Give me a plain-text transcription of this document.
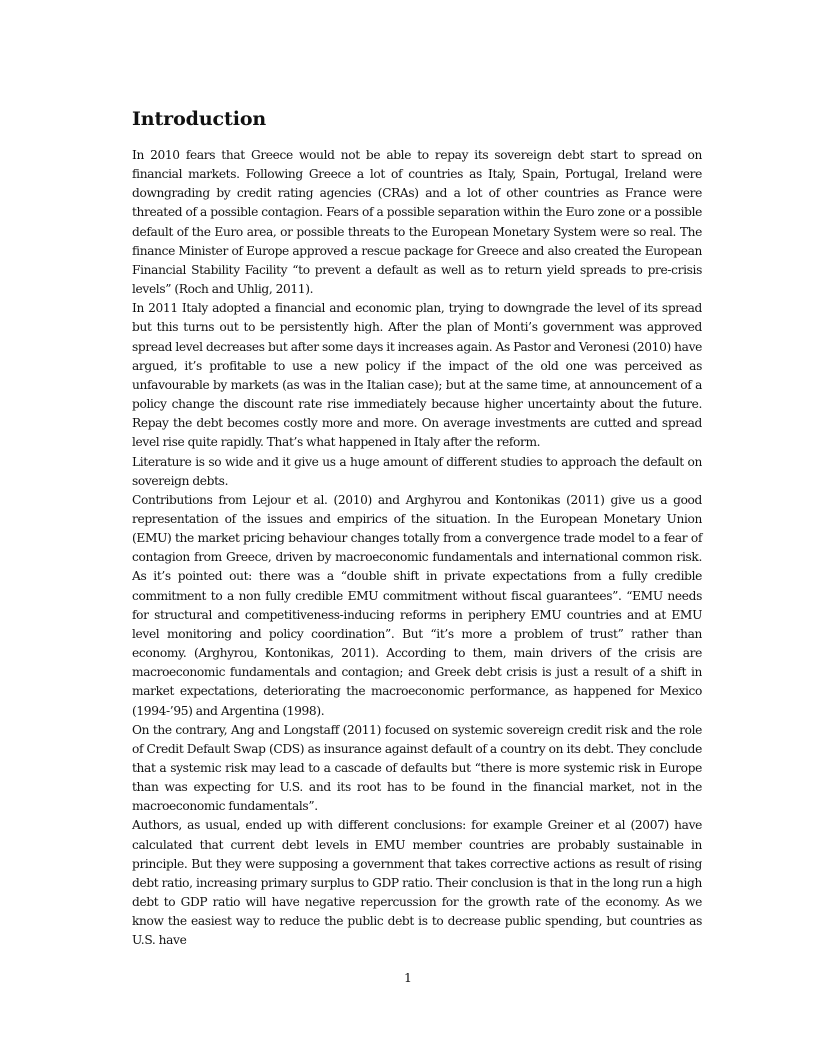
Introduction

In 2010 fears that Greece would not be able to repay its sovereign debt start to spread on financial markets. Following Greece a lot of countries as Italy, Spain, Portugal, Ireland were downgrading by credit rating agencies (CRAs) and a lot of other countries as France were threated of a possible contagion. Fears of a possible separation within the Euro zone or a possible default of the Euro area, or possible threats to the European Monetary System were so real. The finance Minister of Europe approved a rescue package for Greece and also created the European Financial Stability Facility “to prevent a default as well as to return yield spreads to pre-crisis levels” (Roch and Uhlig, 2011).

In 2011 Italy adopted a financial and economic plan, trying to downgrade the level of its spread but this turns out to be persistently high. After the plan of Monti’s government was approved spread level decreases but after some days it increases again. As Pastor and Veronesi (2010) have argued, it’s profitable to use a new policy if the impact of the old one was perceived as unfavourable by markets (as was in the Italian case); but at the same time, at announcement of a policy change the discount rate rise immediately because higher uncertainty about the future. Repay the debt becomes costly more and more. On average investments are cutted and spread level rise quite rapidly. That’s what happened in Italy after the reform.

Literature is so wide and it give us a huge amount of different studies to approach the default on sovereign debts.

Contributions from Lejour et al. (2010) and Arghyrou and Kontonikas (2011) give us a good representation of the issues and empirics of the situation. In the European Monetary Union (EMU) the market pricing behaviour changes totally from a convergence trade model to a fear of contagion from Greece, driven by macroeconomic fundamentals and international common risk. As it’s pointed out: there was a “double shift in private expectations from a fully credible commitment to a non fully credible EMU commitment without fiscal guarantees”. “EMU needs for structural and competitiveness-inducing reforms in periphery EMU countries and at EMU level monitoring and policy coordination”. But “it’s more a problem of trust” rather than economy. (Arghyrou, Kontonikas, 2011). According to them, main drivers of the crisis are macroeconomic fundamentals and contagion; and Greek debt crisis is just a result of a shift in market expectations, deteriorating the macroeconomic performance, as happened for Mexico (1994-’95) and Argentina (1998).

On the contrary, Ang and Longstaff (2011) focused on systemic sovereign credit risk and the role of Credit Default Swap (CDS) as insurance against default of a country on its debt. They conclude that a systemic risk may lead to a cascade of defaults but “there is more systemic risk in Europe than was expecting for U.S. and its root has to be found in the financial market, not in the macroeconomic fundamentals”.

Authors, as usual, ended up with different conclusions: for example Greiner et al (2007) have calculated that current debt levels in EMU member countries are probably sustainable in principle. But they were supposing a government that takes corrective actions as result of rising debt ratio, increasing primary surplus to GDP ratio. Their conclusion is that in the long run a high debt to GDP ratio will have negative repercussion for the growth rate of the economy. As we know the easiest way to reduce the public debt is to decrease public spending, but countries as U.S. have

1
